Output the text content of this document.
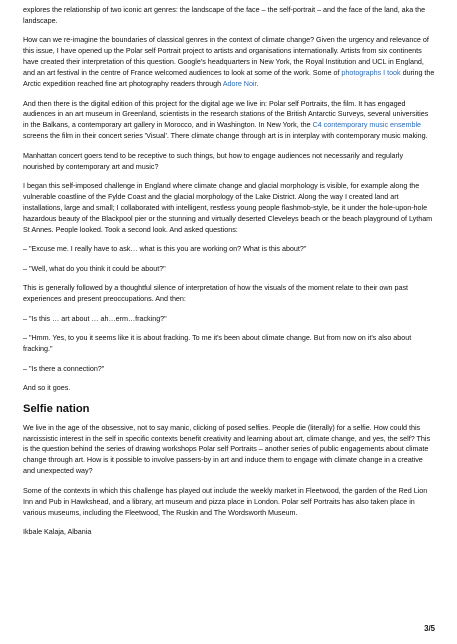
explores the relationship of two iconic art genres: the landscape of the face – the self-portrait – and the face of the land, aka the landscape.

How can we re-imagine the boundaries of classical genres in the context of climate change? Given the urgency and relevance of this issue, I have opened up the Polar self Portrait project to artists and organisations internationally. Artists from six continents have created their interpretation of this question. Google's headquarters in New York, the Royal Institution and UCL in England, and an art festival in the centre of France welcomed audiences to look at some of the work. Some of photographs I took during the Arctic expedition reached fine art photography readers through Adore Noir.

And then there is the digital edition of this project for the digital age we live in: Polar self Portraits, the film. It has engaged audiences in an art museum in Greenland, scientists in the research stations of the British Antarctic Surveys, several universities in the Balkans, a contemporary art gallery in Morocco, and in Washington. In New York, the C4 contemporary music ensemble screens the film in their concert series 'Visual'. There climate change through art is in interplay with contemporary music making.

Manhattan concert goers tend to be receptive to such things, but how to engage audiences not necessarily and regularly nourished by contemporary art and music?

I began this self-imposed challenge in England where climate change and glacial morphology is visible, for example along the vulnerable coastline of the Fylde Coast and the glacial morphology of the Lake District. Along the way I created land art installations, large and small; I collaborated with intelligent, restless young people flashmob-style, be it under the hole-upon-hole hazardous beauty of the Blackpool pier or the stunning and virtually deserted Cleveleys beach or the beach playground of Lytham St Annes. People looked. Took a second look. And asked questions:

– "Excuse me. I really have to ask… what is this you are working on? What is this about?"

– "Well, what do you think it could be about?"

This is generally followed by a thoughtful silence of interpretation of how the visuals of the moment relate to their own past experiences and present preoccupations. And then:

– "Is this … art about … ah…erm…fracking?"

– "Hmm. Yes, to you it seems like it is about fracking. To me it's been about climate change. But from now on it's also about fracking."

– "Is there a connection?"

And so it goes.

Selfie nation

We live in the age of the obsessive, not to say manic, clicking of posed selfies. People die (literally) for a selfie. How could this narcissistic interest in the self in specific contexts benefit creativity and learning about art, climate change, and yes, the self? This is the question behind the series of drawing workshops Polar self Portraits – another series of public engagements about climate change through art. How is it possible to involve passers-by in art and induce them to engage with climate change in a creative and unexpected way?

Some of the contexts in which this challenge has played out include the weekly market in Fleetwood, the garden of the Red Lion Inn and Pub in Hawkshead, and a library, art museum and pizza place in London. Polar self Portraits has also taken place in various museums, including the Fleetwood, The Ruskin and The Wordsworth Museum.

Ikbale Kalaja, Albania

3/5
